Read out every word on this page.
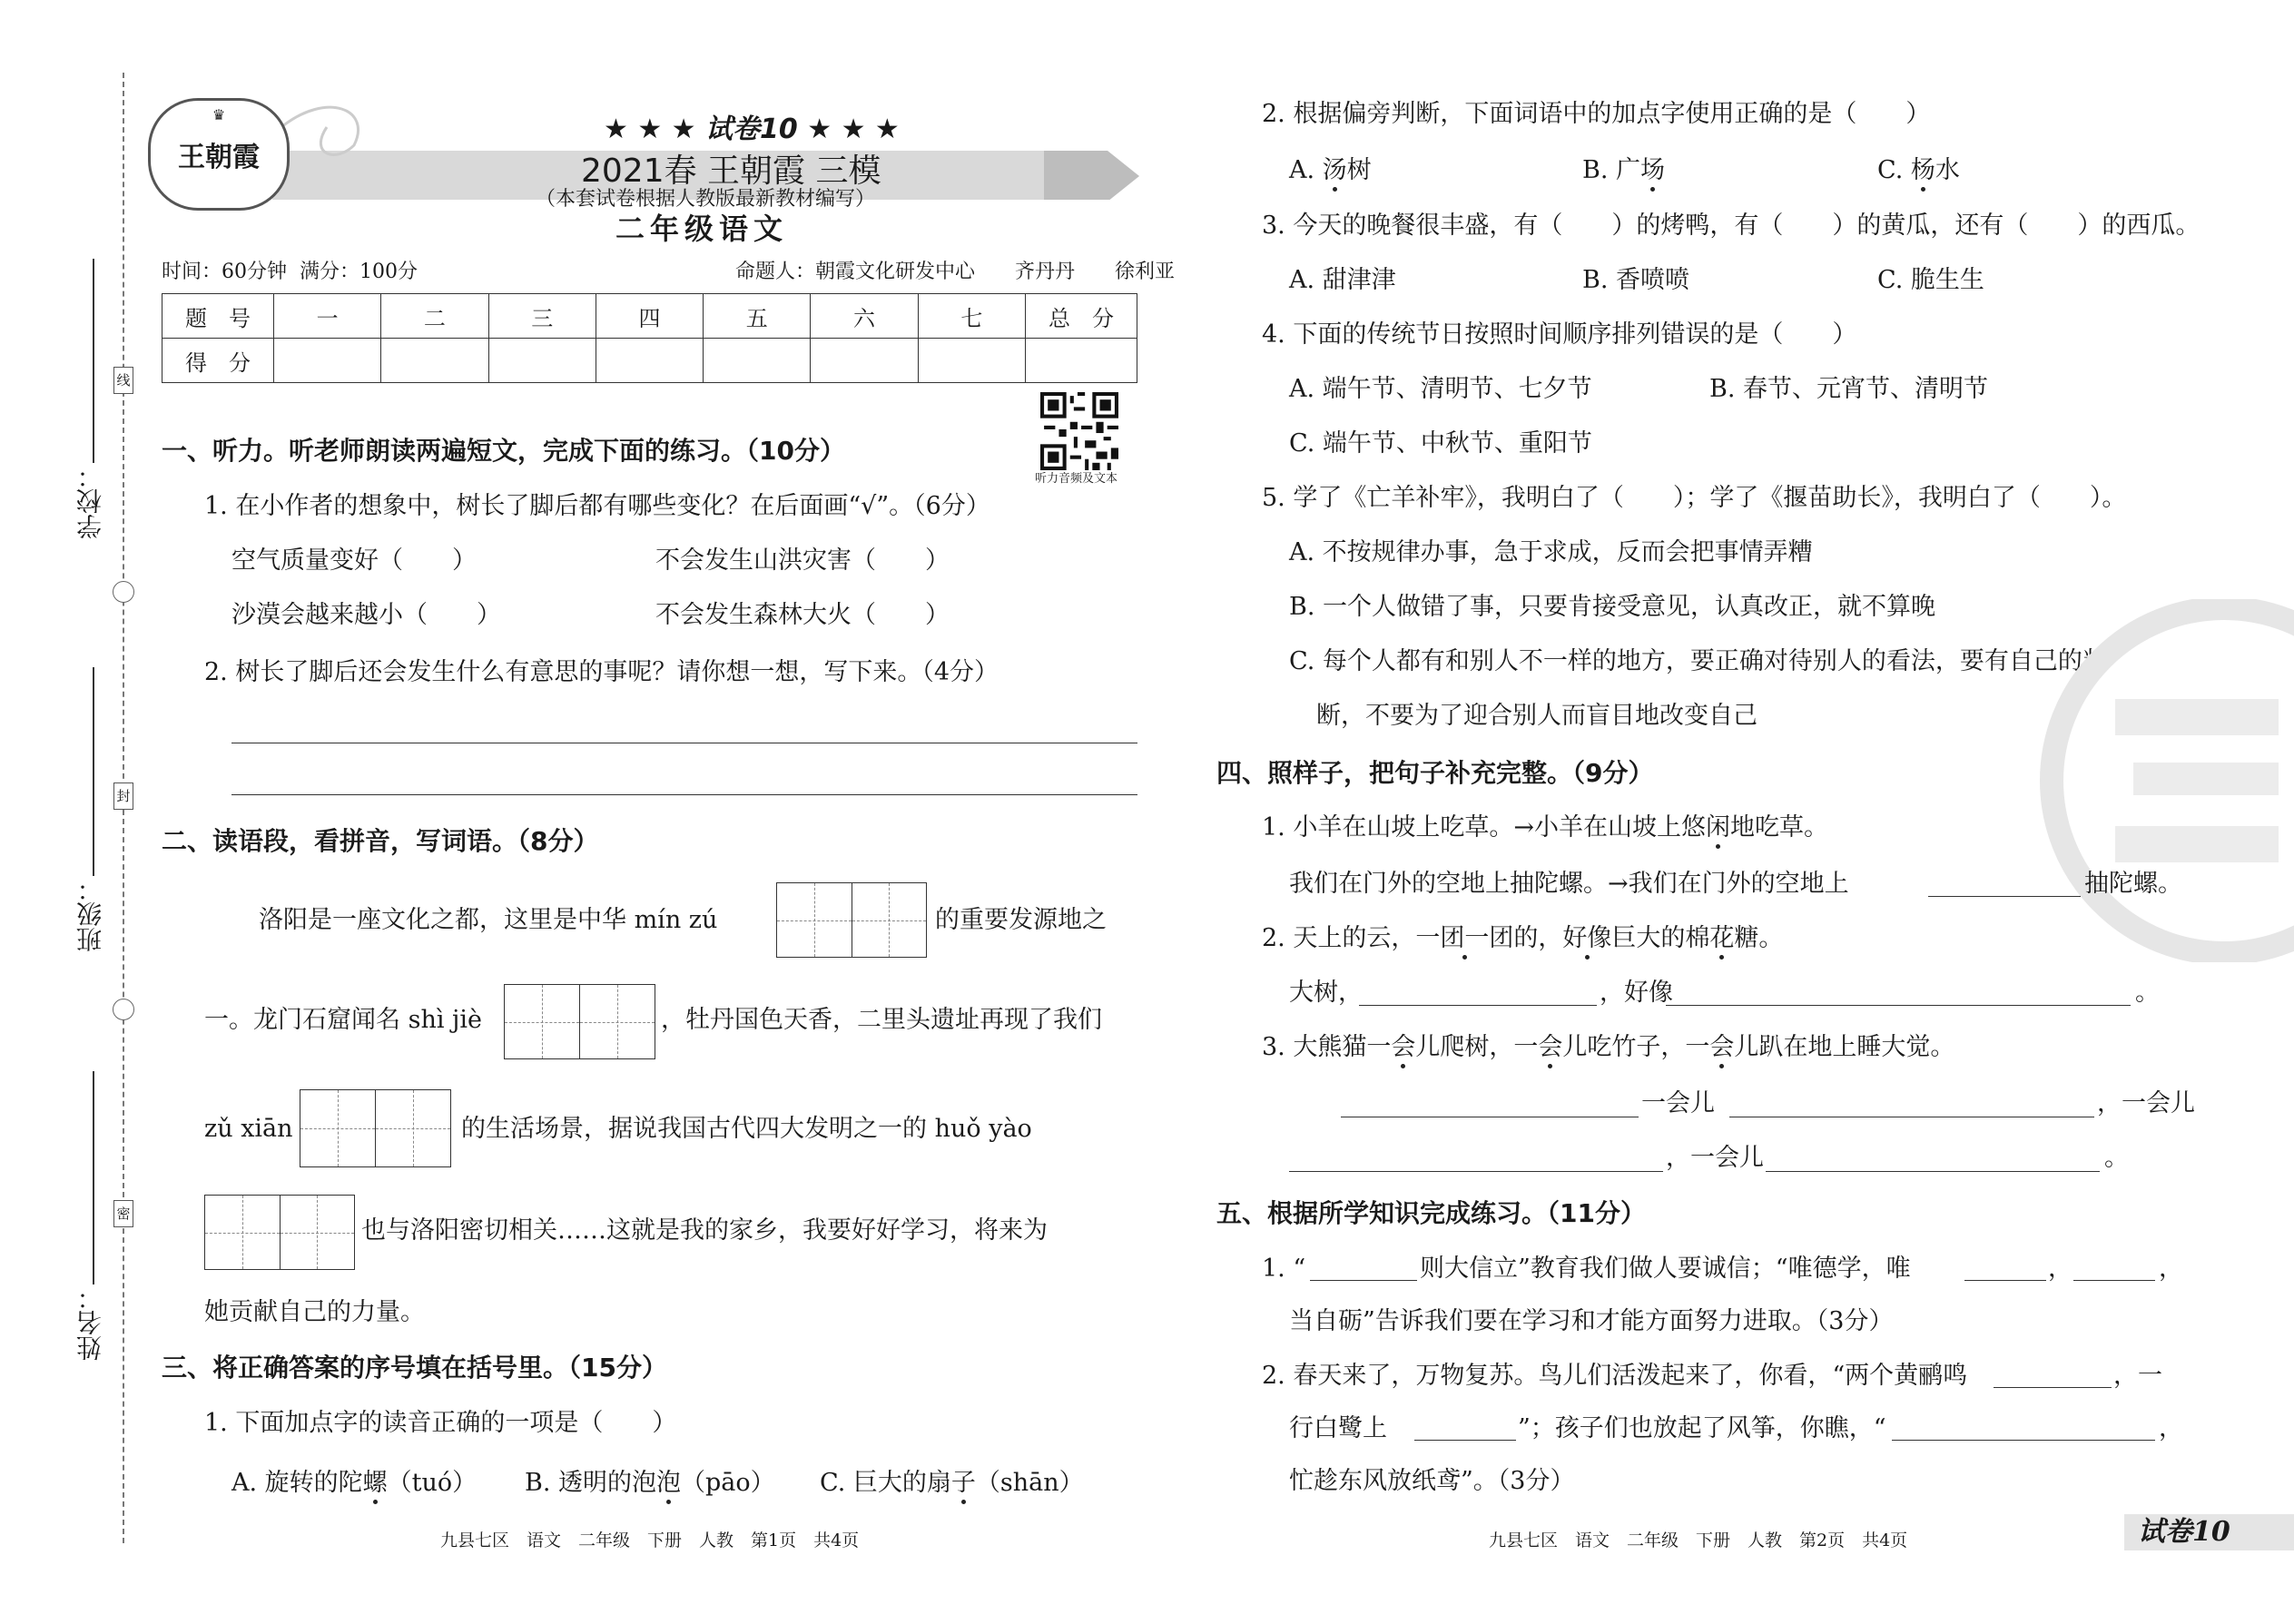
线
封
密
学校：
班级：
姓名：
♛
王朝霞
★ ★ ★ 试卷10 ★ ★ ★
2021春 王朝霞 三模
（本套试卷根据人教版最新教材编写）
二年级语文
时间：60分钟 满分：100分	命题人：朝霞文化研发中心　　齐丹丹　　徐利亚
题　号	一	二	三	四	五	六	七	总　分
得　分								
听力音频及文本
一、听力。听老师朗读两遍短文，完成下面的练习。（10分）
1. 在小作者的想象中，树长了脚后都有哪些变化？在后面画“√”。（6分）
空气质量变好（　　）	不会发生山洪灾害（　　）
沙漠会越来越小（　　）	不会发生森林大火（　　）
2. 树长了脚后还会发生什么有意思的事呢？请你想一想，写下来。（4分）
二、读语段，看拼音，写词语。（8分）
洛阳是一座文化之都，这里是中华 mín zú	的重要发源地之
一。龙门石窟闻名 shì jiè	，牡丹国色天香，二里头遗址再现了我们
zǔ xiān	的生活场景，据说我国古代四大发明之一的 huǒ yào
也与洛阳密切相关……这就是我的家乡，我要好好学习，将来为
她贡献自己的力量。
三、将正确答案的序号填在括号里。（15分）
1. 下面加点字的读音正确的一项是（　　）
A. 旋转的陀螺（tuó） B. 透明的泡泡（pāo） C. 巨大的扇子（shān）
九县七区　语文　二年级　下册　人教　第1页　共4页
2. 根据偏旁判断，下面词语中的加点字使用正确的是（　　）
A. 汤树	B. 广场	C. 杨水
3. 今天的晚餐很丰盛，有（　　）的烤鸭，有（　　）的黄瓜，还有（　　）的西瓜。
A. 甜津津	B. 香喷喷	C. 脆生生
4. 下面的传统节日按照时间顺序排列错误的是（　　）
A. 端午节、清明节、七夕节	B. 春节、元宵节、清明节
C. 端午节、中秋节、重阳节
5. 学了《亡羊补牢》，我明白了（　　）；学了《揠苗助长》，我明白了（　　）。
A. 不按规律办事，急于求成，反而会把事情弄糟
B. 一个人做错了事，只要肯接受意见，认真改正，就不算晚
C. 每个人都有和别人不一样的地方，要正确对待别人的看法，要有自己的判
断，不要为了迎合别人而盲目地改变自己
四、照样子，把句子补充完整。（9分）
1. 小羊在山坡上吃草。→小羊在山坡上悠闲地吃草。
我们在门外的空地上抽陀螺。→我们在门外的空地上	抽陀螺。
2. 天上的云，一团一团的，好像巨大的棉花糖。
大树，	，好像	。
3. 大熊猫一会儿爬树，一会儿吃竹子，一会儿趴在地上睡大觉。
一会儿	，一会儿
，一会儿	。
五、根据所学知识完成练习。（11分）
1. “	则大信立”教育我们做人要诚信；“唯德学，唯	，	，
当自砺”告诉我们要在学习和才能方面努力进取。（3分）
2. 春天来了，万物复苏。鸟儿们活泼起来了，你看，“两个黄鹂鸣	，一
行白鹭上	”；孩子们也放起了风筝，你瞧，“	，
忙趁东风放纸鸢”。（3分）
九县七区　语文　二年级　下册　人教　第2页　共4页	试卷10
